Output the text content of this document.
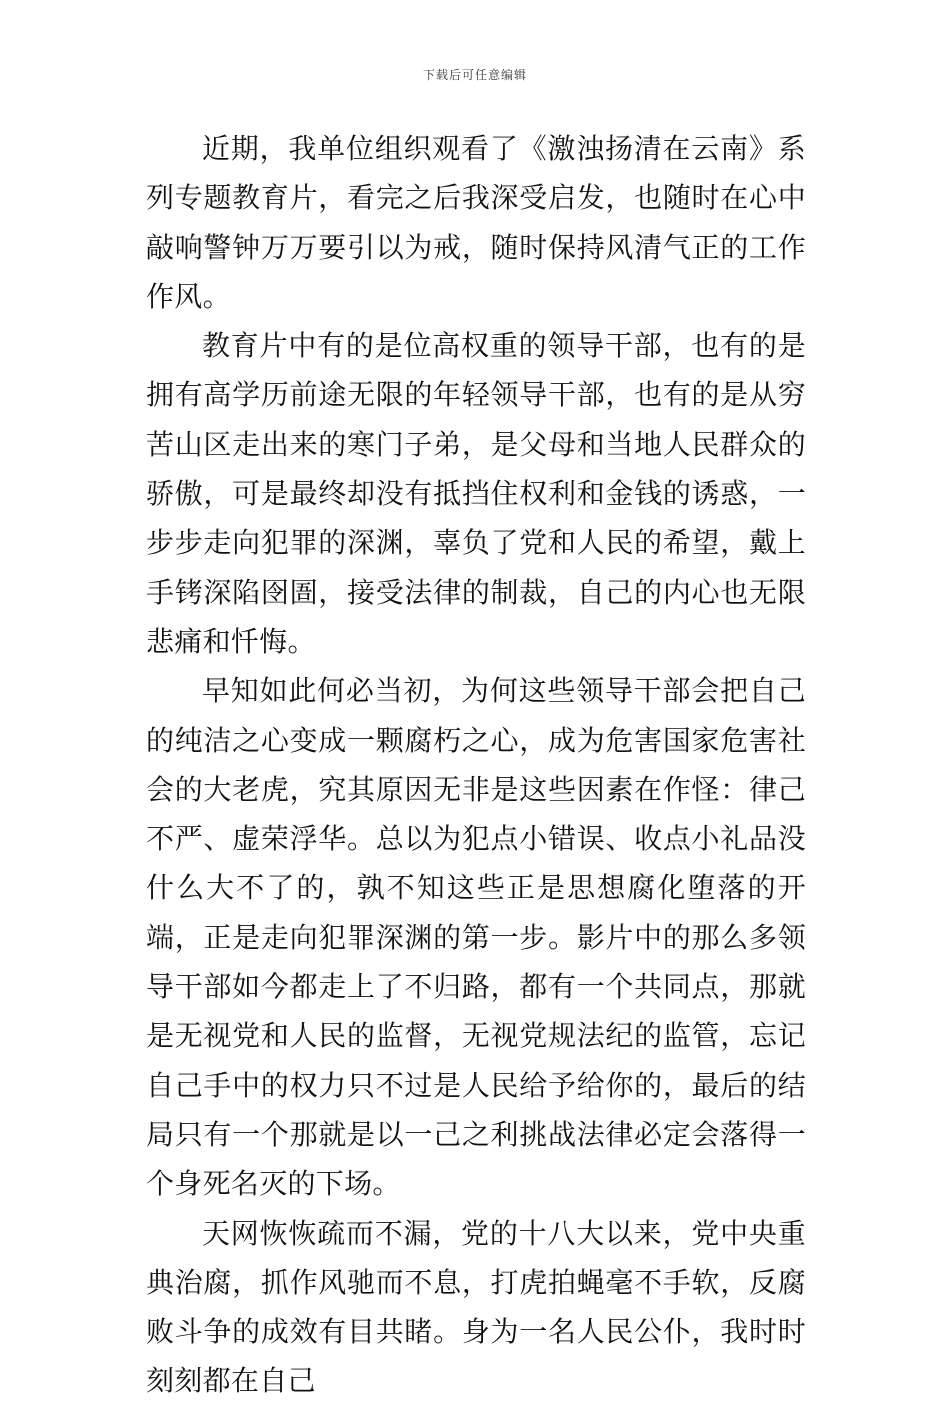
下载后可任意编辑

近期，我单位组织观看了《激浊扬清在云南》系列专题教育片，看完之后我深受启发，也随时在心中敲响警钟万万要引以为戒，随时保持风清气正的工作作风。

教育片中有的是位高权重的领导干部，也有的是拥有高学历前途无限的年轻领导干部，也有的是从穷苦山区走出来的寒门子弟，是父母和当地人民群众的骄傲，可是最终却没有抵挡住权利和金钱的诱惑，一步步走向犯罪的深渊，辜负了党和人民的希望，戴上手铐深陷囹圄，接受法律的制裁，自己的内心也无限悲痛和忏悔。

早知如此何必当初，为何这些领导干部会把自己的纯洁之心变成一颗腐朽之心，成为危害国家危害社会的大老虎，究其原因无非是这些因素在作怪：律己不严、虚荣浮华。总以为犯点小错误、收点小礼品没什么大不了的，孰不知这些正是思想腐化堕落的开端，正是走向犯罪深渊的第一步。影片中的那么多领导干部如今都走上了不归路，都有一个共同点，那就是无视党和人民的监督，无视党规法纪的监管，忘记自己手中的权力只不过是人民给予给你的，最后的结局只有一个那就是以一己之利挑战法律必定会落得一个身死名灭的下场。

天网恢恢疏而不漏，党的十八大以来，党中央重典治腐，抓作风驰而不息，打虎拍蝇毫不手软，反腐败斗争的成效有目共睹。身为一名人民公仆，我时时刻刻都在自己
